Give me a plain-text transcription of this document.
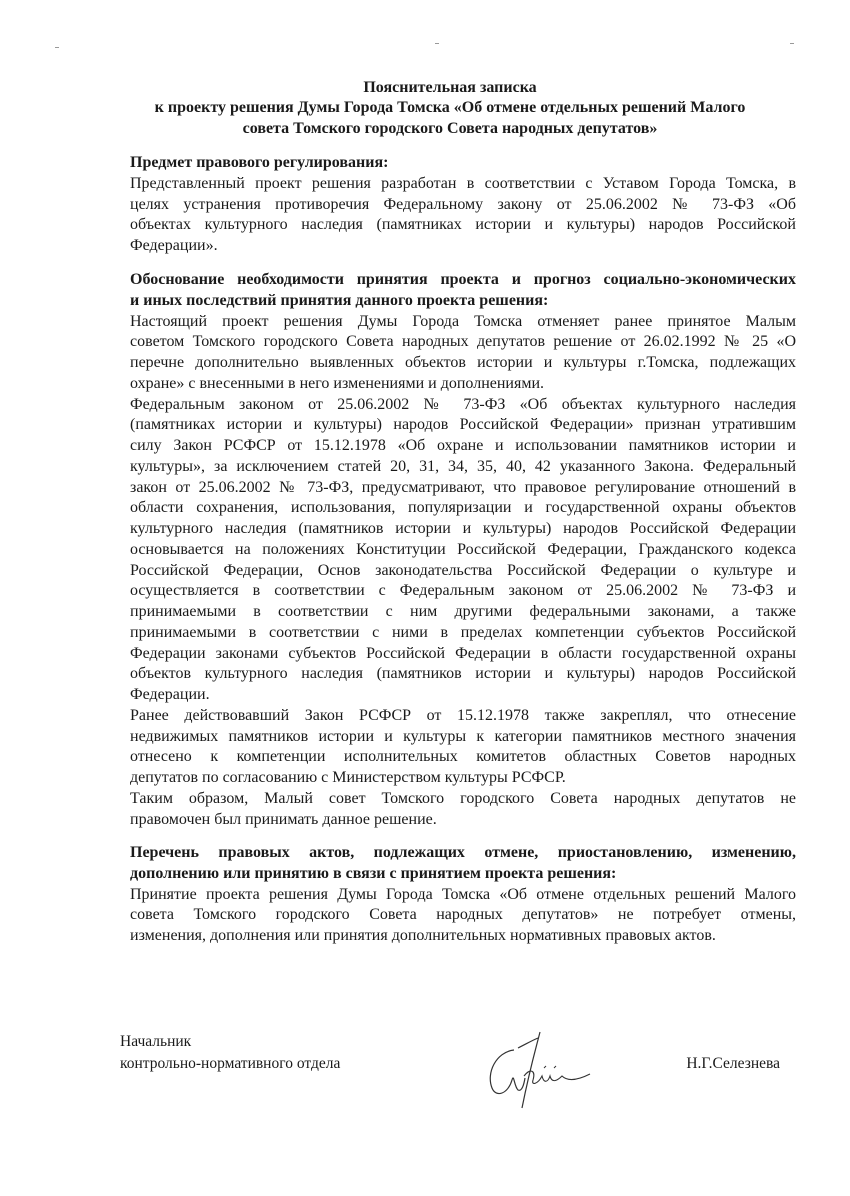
Пояснительная записка
к проекту решения Думы Города Томска «Об отмене отдельных решений Малого
совета Томского городского Совета народных депутатов»
Предмет правового регулирования:
Представленный проект решения разработан в соответствии с Уставом Города Томска, в
целях устранения противоречия Федеральному закону от 25.06.2002 № 73-ФЗ «Об
объектах культурного наследия (памятниках истории и культуры) народов Российской
Федерации».
Обоснование необходимости принятия проекта и прогноз социально-экономических
и иных последствий принятия данного проекта решения:
Настоящий проект решения Думы Города Томска отменяет ранее принятое Малым
советом Томского городского Совета народных депутатов решение от 26.02.1992 № 25 «О
перечне дополнительно выявленных объектов истории и культуры г.Томска, подлежащих
охране» с внесенными в него изменениями и дополнениями.
Федеральным законом от 25.06.2002 № 73-ФЗ «Об объектах культурного наследия
(памятниках истории и культуры) народов Российской Федерации» признан утратившим
силу Закон РСФСР от 15.12.1978 «Об охране и использовании памятников истории и
культуры», за исключением статей 20, 31, 34, 35, 40, 42 указанного Закона. Федеральный
закон от 25.06.2002 № 73-ФЗ, предусматривают, что правовое регулирование отношений в
области сохранения, использования, популяризации и государственной охраны объектов
культурного наследия (памятников истории и культуры) народов Российской Федерации
основывается на положениях Конституции Российской Федерации, Гражданского кодекса
Российской Федерации, Основ законодательства Российской Федерации о культуре и
осуществляется в соответствии с Федеральным законом от 25.06.2002 № 73-ФЗ и
принимаемыми в соответствии с ним другими федеральными законами, а также
принимаемыми в соответствии с ними в пределах компетенции субъектов Российской
Федерации законами субъектов Российской Федерации в области государственной охраны
объектов культурного наследия (памятников истории и культуры) народов Российской
Федерации.
Ранее действовавший Закон РСФСР от 15.12.1978 также закреплял, что отнесение
недвижимых памятников истории и культуры к категории памятников местного значения
отнесено к компетенции исполнительных комитетов областных Советов народных
депутатов по согласованию с Министерством культуры РСФСР.
Таким образом, Малый совет Томского городского Совета народных депутатов не
правомочен был принимать данное решение.
Перечень правовых актов, подлежащих отмене, приостановлению, изменению,
дополнению или принятию в связи с принятием проекта решения:
Принятие проекта решения Думы Города Томска «Об отмене отдельных решений Малого
совета Томского городского Совета народных депутатов» не потребует отмены,
изменения, дополнения или принятия дополнительных нормативных правовых актов.
Начальник
контрольно-нормативного отдела	Н.Г.Селезнева
